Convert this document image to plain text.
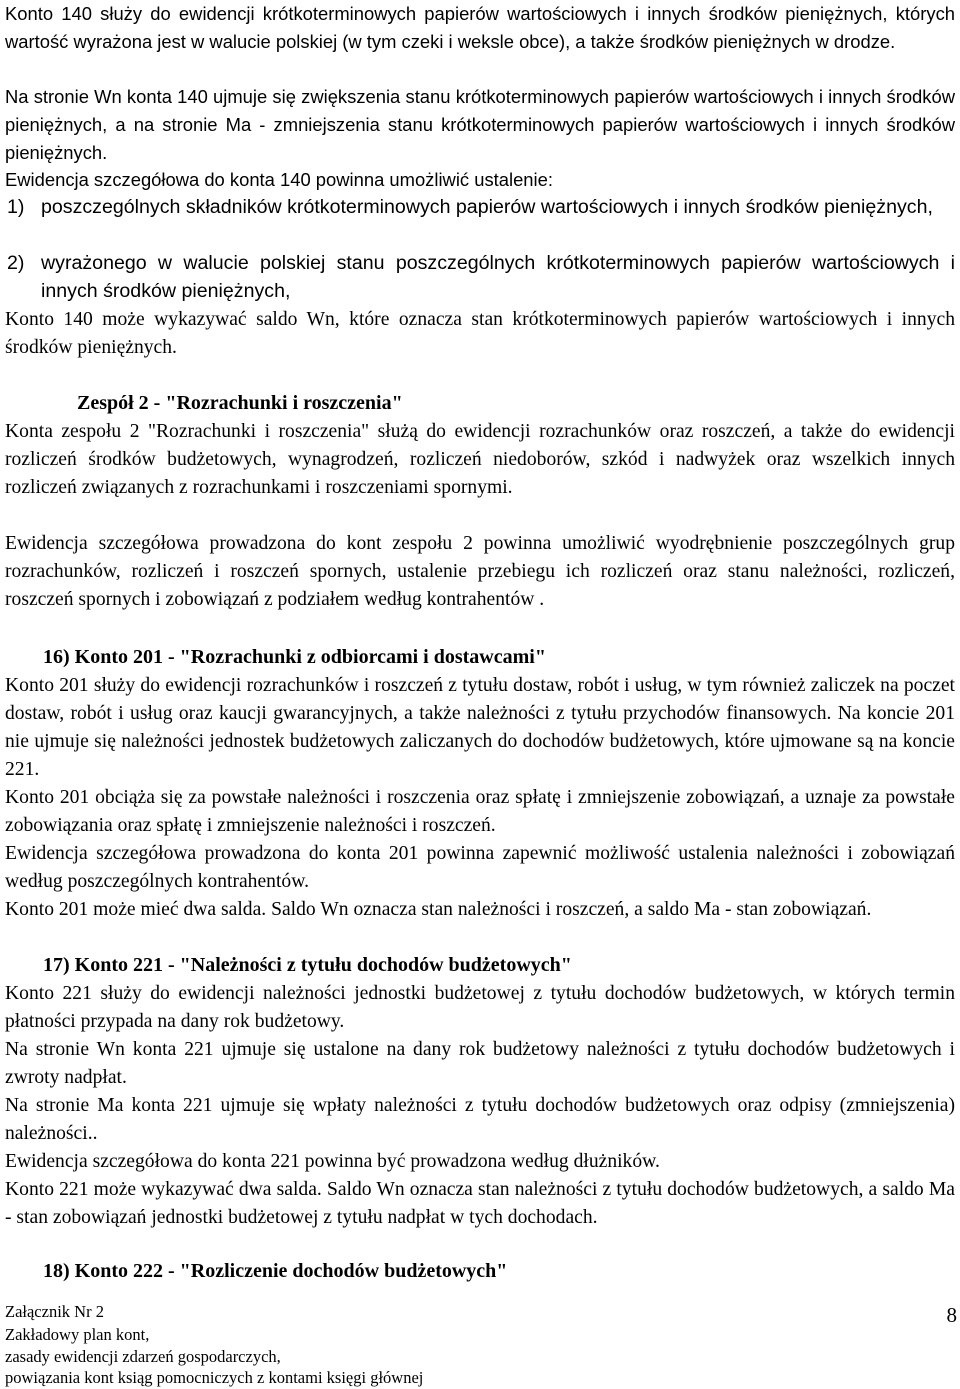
Konto 140 służy do ewidencji krótkoterminowych papierów wartościowych i innych środków pieniężnych, których wartość wyrażona jest w walucie polskiej (w tym czeki i weksle obce), a także środków pieniężnych w drodze.

Na stronie Wn konta 140 ujmuje się zwiększenia stanu krótkoterminowych papierów wartościowych i innych środków pieniężnych, a na stronie Ma - zmniejszenia stanu krótkoterminowych papierów wartościowych i innych środków pieniężnych.

Ewidencja szczegółowa do konta 140 powinna umożliwić ustalenie:

1) poszczególnych składników krótkoterminowych papierów wartościowych i innych środków pieniężnych,
2) wyrażonego w walucie polskiej stanu poszczególnych krótkoterminowych papierów wartościowych i innych środków pieniężnych,

Konto 140 może wykazywać saldo Wn, które oznacza stan krótkoterminowych papierów wartościowych i innych środków pieniężnych.

Zespół 2 - "Rozrachunki i roszczenia"

Konta zespołu 2 "Rozrachunki i roszczenia" służą do ewidencji rozrachunków oraz roszczeń, a także do ewidencji rozliczeń środków budżetowych, wynagrodzeń, rozliczeń niedoborów, szkód i nadwyżek oraz wszelkich innych rozliczeń związanych z rozrachunkami i roszczeniami spornymi.

Ewidencja szczegółowa prowadzona do kont zespołu 2 powinna umożliwić wyodrębnienie poszczególnych grup rozrachunków, rozliczeń i roszczeń spornych, ustalenie przebiegu ich rozliczeń oraz stanu należności, rozliczeń, roszczeń spornych i zobowiązań z podziałem według kontrahentów .

16) Konto 201 - "Rozrachunki z odbiorcami i dostawcami"

Konto 201 służy do ewidencji rozrachunków i roszczeń z tytułu dostaw, robót i usług, w tym również zaliczek na poczet dostaw, robót i usług oraz kaucji gwarancyjnych, a także należności z tytułu przychodów finansowych. Na koncie 201 nie ujmuje się należności jednostek budżetowych zaliczanych do dochodów budżetowych, które ujmowane są na koncie 221.

Konto 201 obciąża się za powstałe należności i roszczenia oraz spłatę i zmniejszenie zobowiązań, a uznaje za powstałe zobowiązania oraz spłatę i zmniejszenie należności i roszczeń.

Ewidencja szczegółowa prowadzona do konta 201 powinna zapewnić możliwość ustalenia należności i zobowiązań według poszczególnych kontrahentów.

Konto 201 może mieć dwa salda. Saldo Wn oznacza stan należności i roszczeń, a saldo Ma - stan zobowiązań.

17) Konto 221 - "Należności z tytułu dochodów budżetowych"

Konto 221 służy do ewidencji należności jednostki budżetowej z tytułu dochodów budżetowych, w których termin płatności przypada na dany rok budżetowy.

Na stronie Wn konta 221 ujmuje się ustalone na dany rok budżetowy należności z tytułu dochodów budżetowych i zwroty nadpłat.

Na stronie Ma konta 221 ujmuje się wpłaty należności z tytułu dochodów budżetowych oraz odpisy (zmniejszenia) należności..

Ewidencja szczegółowa do konta 221 powinna być prowadzona według dłużników.

Konto 221 może wykazywać dwa salda. Saldo Wn oznacza stan należności z tytułu dochodów budżetowych, a saldo Ma - stan zobowiązań jednostki budżetowej z tytułu nadpłat w tych dochodach.

18) Konto 222 - "Rozliczenie dochodów budżetowych"
Załącznik Nr 2
Zakładowy plan kont,
zasady ewidencji zdarzeń gospodarczych,
powiązania kont ksiąg pomocniczych z kontami księgi głównej
8
